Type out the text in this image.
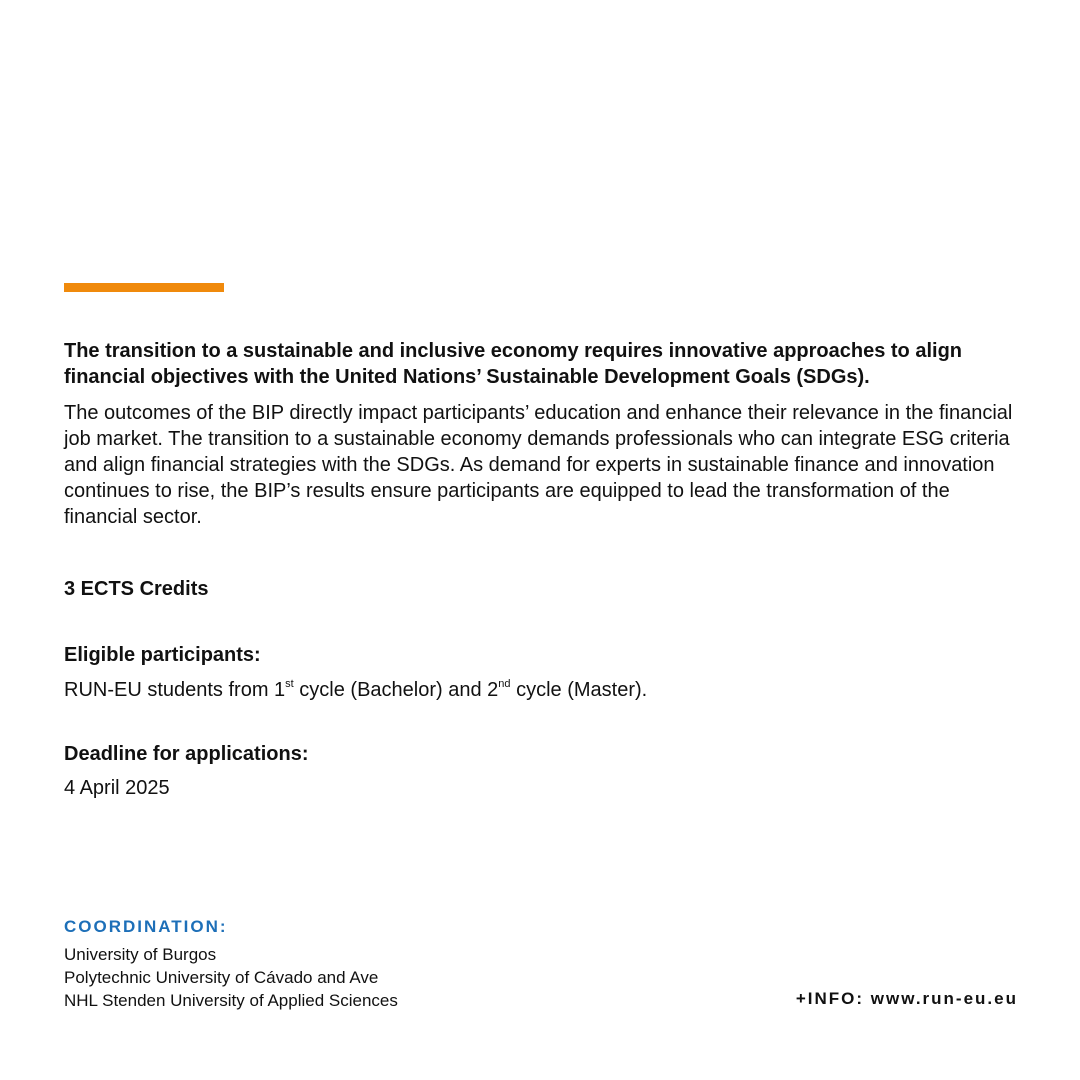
The transition to a sustainable and inclusive economy requires innovative approaches to align financial objectives with the United Nations’ Sustainable Development Goals (SDGs).

The outcomes of the BIP directly impact participants’ education and enhance their relevance in the financial job market. The transition to a sustainable economy demands professionals who can integrate ESG criteria and align financial strategies with the SDGs. As demand for experts in sustainable finance and innovation continues to rise, the BIP’s results ensure participants are equipped to lead the transformation of the financial sector.

3 ECTS Credits

Eligible participants:

RUN-EU students from 1st cycle (Bachelor) and 2nd cycle (Master).

Deadline for applications:

4 April 2025

COORDINATION:

University of Burgos
Polytechnic University of Cávado and Ave
NHL Stenden University of Applied Sciences	+INFO: www.run-eu.eu
